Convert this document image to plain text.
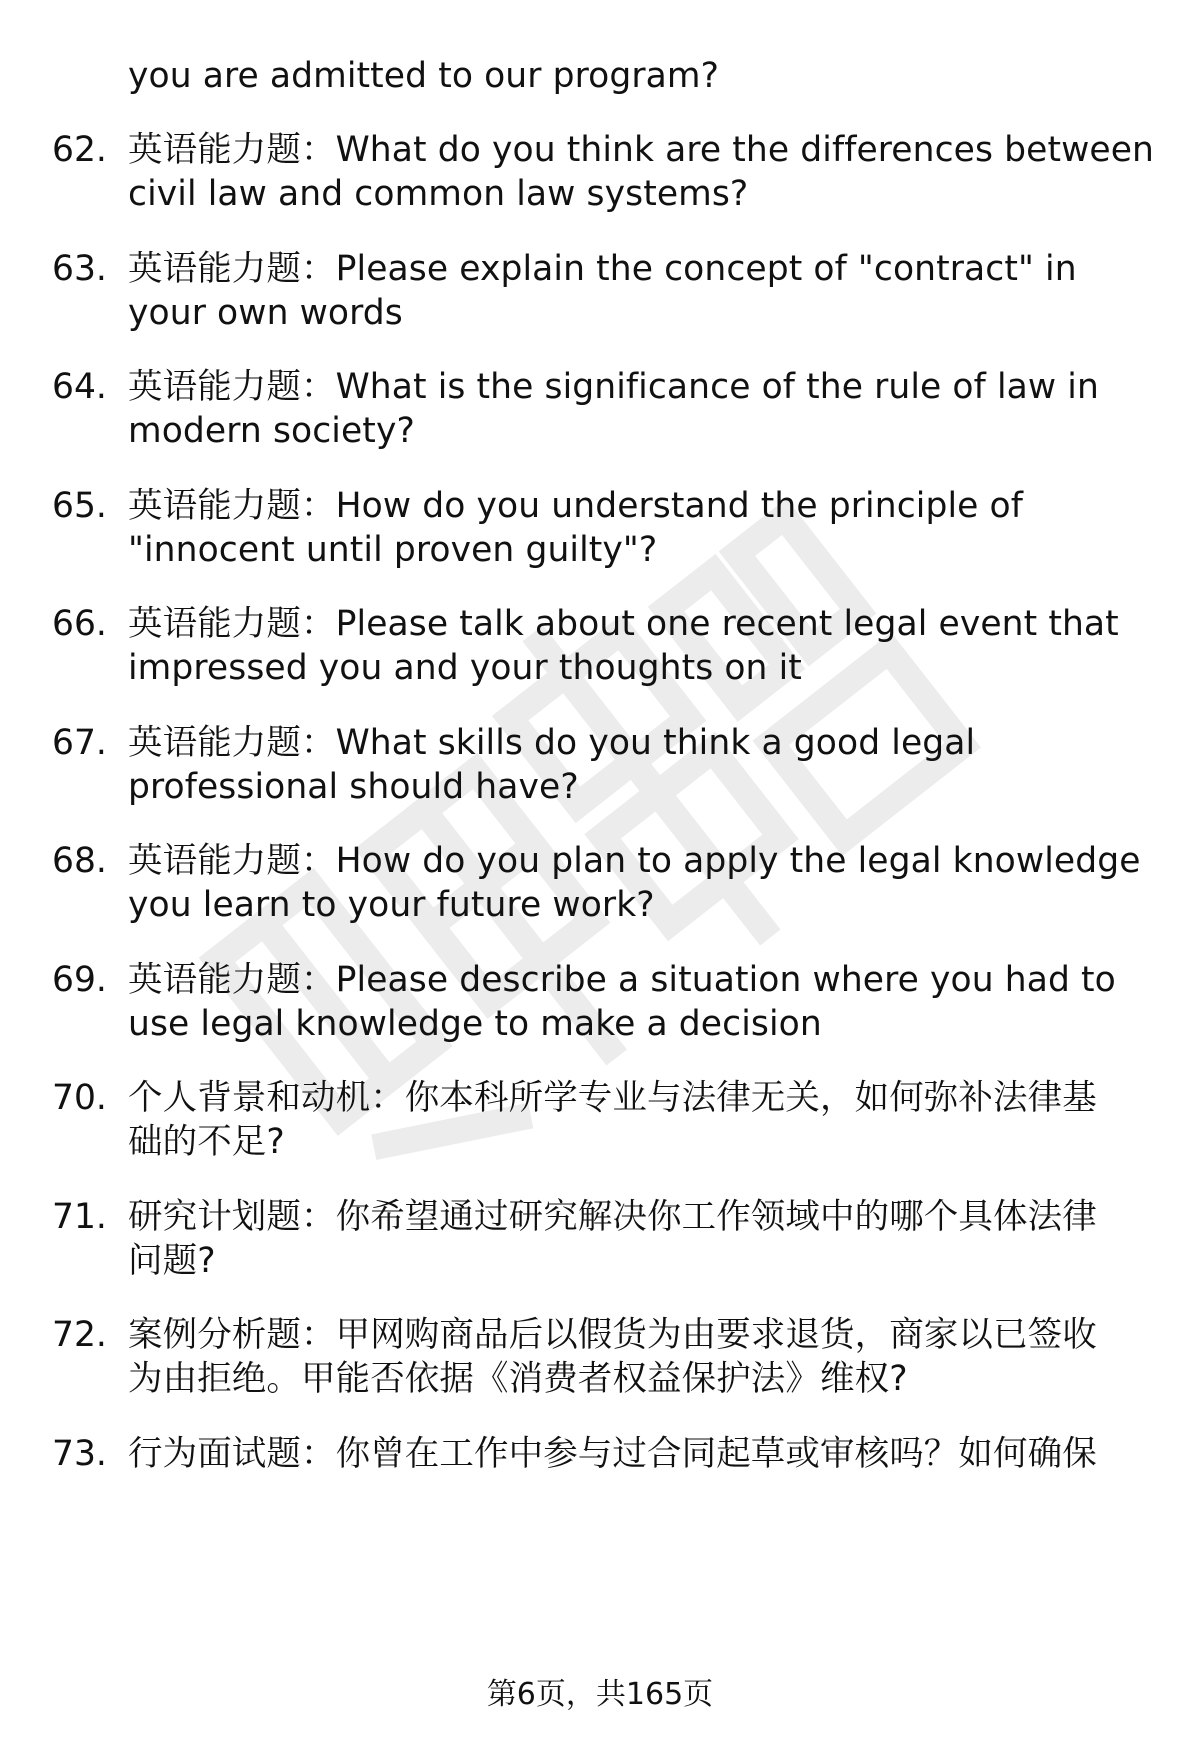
you are admitted to our program?
62. 英语能力题：What do you think are the differences between
civil law and common law systems?
63. 英语能力题：Please explain the concept of "contract" in
your own words
64. 英语能力题：What is the significance of the rule of law in
modern society?
65. 英语能力题：How do you understand the principle of
"innocent until proven guilty"?
66. 英语能力题：Please talk about one recent legal event that
impressed you and your thoughts on it
67. 英语能力题：What skills do you think a good legal
professional should have?
68. 英语能力题：How do you plan to apply the legal knowledge
you learn to your future work?
69. 英语能力题：Please describe a situation where you had to
use legal knowledge to make a decision
70. 个人背景和动机：你本科所学专业与法律无关，如何弥补法律基
础的不足?
71. 研究计划题：你希望通过研究解决你工作领域中的哪个具体法律
问题?
72. 案例分析题：甲网购商品后以假货为由要求退货，商家以已签收
为由拒绝。甲能否依据《消费者权益保护法》维权?
73. 行为面试题：你曾在工作中参与过合同起草或审核吗？如何确保
第6页，共165页
